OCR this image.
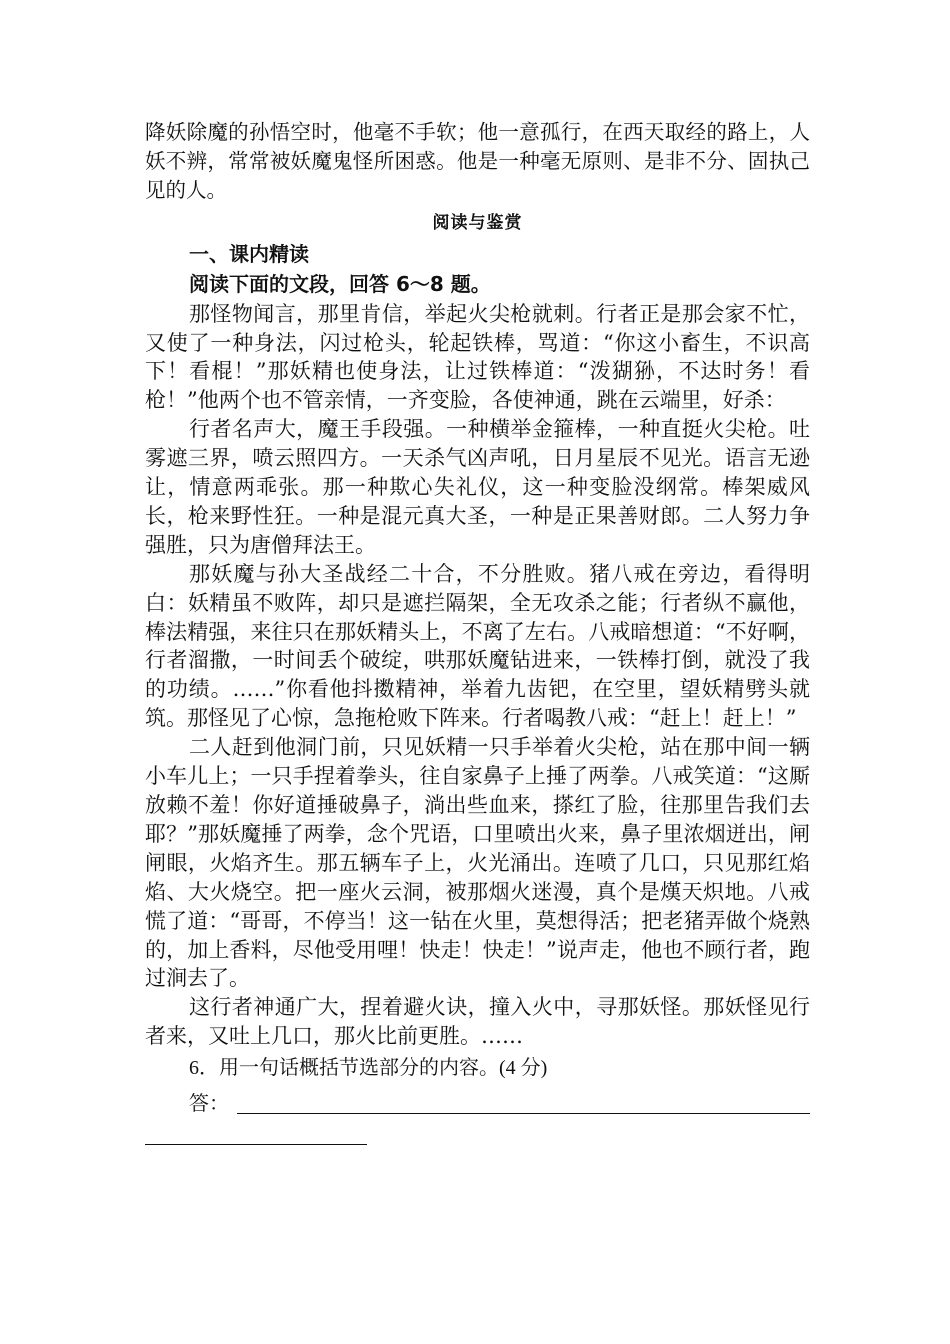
降妖除魔的孙悟空时，他毫不手软；他一意孤行，在西天取经的路上，人妖不辨，常常被妖魔鬼怪所困惑。他是一种毫无原则、是非不分、固执己见的人。

阅读与鉴赏

一、课内精读

阅读下面的文段，回答 6～8 题。

那怪物闻言，那里肯信，举起火尖枪就刺。行者正是那会家不忙，又使了一种身法，闪过枪头，轮起铁棒，骂道：“你这小畜生，不识高下！看棍！”那妖精也使身法，让过铁棒道：“泼猢狲，不达时务！看枪！”他两个也不管亲情，一齐变脸，各使神通，跳在云端里，好杀：

行者名声大，魔王手段强。一种横举金箍棒，一种直挺火尖枪。吐雾遮三界，喷云照四方。一天杀气凶声吼，日月星辰不见光。语言无逊让，情意两乖张。那一种欺心失礼仪，这一种变脸没纲常。棒架威风长，枪来野性狂。一种是混元真大圣，一种是正果善财郎。二人努力争强胜，只为唐僧拜法王。

那妖魔与孙大圣战经二十合，不分胜败。猪八戒在旁边，看得明白：妖精虽不败阵，却只是遮拦隔架，全无攻杀之能；行者纵不赢他，棒法精强，来往只在那妖精头上，不离了左右。八戒暗想道：“不好啊，行者溜撒，一时间丢个破绽，哄那妖魔钻进来，一铁棒打倒，就没了我的功绩。……”你看他抖擞精神，举着九齿钯，在空里，望妖精劈头就筑。那怪见了心惊，急拖枪败下阵来。行者喝教八戒：“赶上！赶上！”

二人赶到他洞门前，只见妖精一只手举着火尖枪，站在那中间一辆小车儿上；一只手捏着拳头，往自家鼻子上捶了两拳。八戒笑道：“这厮放赖不羞！你好道捶破鼻子，淌出些血来，搽红了脸，往那里告我们去耶？”那妖魔捶了两拳，念个咒语，口里喷出火来，鼻子里浓烟迸出，闸闸眼，火焰齐生。那五辆车子上，火光涌出。连喷了几口，只见那红焰焰、大火烧空。把一座火云洞，被那烟火迷漫，真个是熯天炽地。八戒慌了道：“哥哥，不停当！这一钻在火里，莫想得活；把老猪弄做个烧熟的，加上香料，尽他受用哩！快走！快走！”说声走，他也不顾行者，跑过涧去了。

这行者神通广大，捏着避火诀，撞入火中，寻那妖怪。那妖怪见行者来，又吐上几口，那火比前更胜。……

6．用一句话概括节选部分的内容。(4 分)

答：
